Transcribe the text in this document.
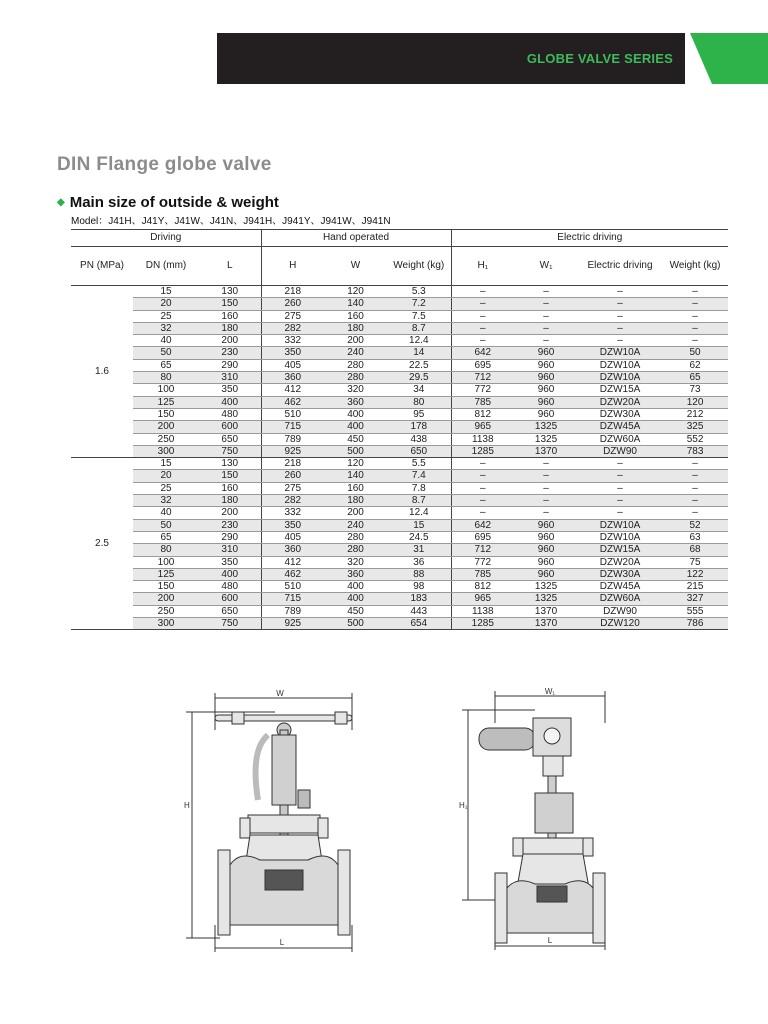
GLOBE VALVE SERIES
DIN Flange globe valve
◆ Main size of outside & weight
Model：J41H、J41Y、J41W、J41N、J941H、J941Y、J941W、J941N
Driving			Hand operated			Electric driving			
PN (MPa)	DN (mm)	L	H	W	Weight (kg)	H₁	W₁	Electric driving	Weight (kg)
1.6	15	130	218	120	5.3	–	–	–	–
	20	150	260	140	7.2	–	–	–	–
	25	160	275	160	7.5	–	–	–	–
	32	180	282	180	8.7	–	–	–	–
	40	200	332	200	12.4	–	–	–	–
	50	230	350	240	14	642	960	DZW10A	50
	65	290	405	280	22.5	695	960	DZW10A	62
	80	310	360	280	29.5	712	960	DZW10A	65
	100	350	412	320	34	772	960	DZW15A	73
	125	400	462	360	80	785	960	DZW20A	120
	150	480	510	400	95	812	960	DZW30A	212
	200	600	715	400	178	965	1325	DZW45A	325
	250	650	789	450	438	1138	1325	DZW60A	552
	300	750	925	500	650	1285	1370	DZW90	783
2.5	15	130	218	120	5.5	–	–	–	–
	20	150	260	140	7.4	–	–	–	–
	25	160	275	160	7.8	–	–	–	–
	32	180	282	180	8.7	–	–	–	–
	40	200	332	200	12.4	–	–	–	–
	50	230	350	240	15	642	960	DZW10A	52
	65	290	405	280	24.5	695	960	DZW10A	63
	80	310	360	280	31	712	960	DZW15A	68
	100	350	412	320	36	772	960	DZW20A	75
	125	400	462	360	88	785	960	DZW30A	122
	150	480	510	400	98	812	1325	DZW45A	215
	200	600	715	400	183	965	1325	DZW60A	327
	250	650	789	450	443	1138	1370	DZW90	555
	300	750	925	500	654	1285	1370	DZW120	786
W
H
L
W₁
H₁
L
